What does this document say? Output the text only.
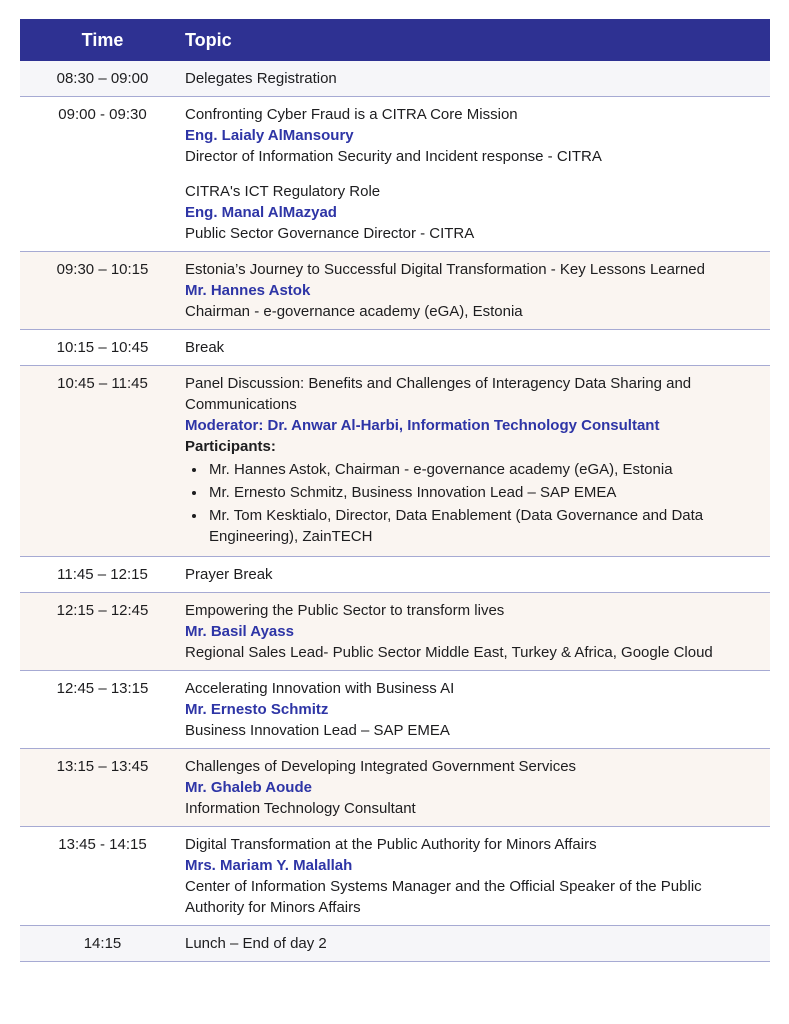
Time	Topic
08:30 – 09:00	Delegates Registration
09:00 - 09:30	Confronting Cyber Fraud is a CITRA Core Mission
Eng. Laialy AlMansoury
Director of Information Security and Incident response - CITRA
CITRA's ICT Regulatory Role
Eng. Manal AlMazyad
Public Sector Governance Director - CITRA
09:30 – 10:15	Estonia’s Journey to Successful Digital Transformation - Key Lessons Learned
Mr. Hannes Astok
Chairman - e-governance academy (eGA), Estonia
10:15 – 10:45	Break
10:45 – 11:45	Panel Discussion: Benefits and Challenges of Interagency Data Sharing and Communications
Moderator: Dr. Anwar Al-Harbi, Information Technology Consultant
Participants:
• Mr. Hannes Astok, Chairman - e-governance academy (eGA), Estonia
• Mr. Ernesto Schmitz, Business Innovation Lead – SAP EMEA
• Mr. Tom Kesktialo, Director, Data Enablement (Data Governance and Data Engineering), ZainTECH
11:45 – 12:15	Prayer Break
12:15 – 12:45	Empowering the Public Sector to transform lives
Mr. Basil Ayass
Regional Sales Lead- Public Sector Middle East, Turkey & Africa, Google Cloud
12:45 – 13:15	Accelerating Innovation with Business AI
Mr. Ernesto Schmitz
Business Innovation Lead – SAP EMEA
13:15 – 13:45	Challenges of Developing Integrated Government Services
Mr. Ghaleb Aoude
Information Technology Consultant
13:45 - 14:15	Digital Transformation at the Public Authority for Minors Affairs
Mrs. Mariam Y. Malallah
Center of Information Systems Manager and the Official Speaker of the Public Authority for Minors Affairs
14:15	Lunch – End of day 2
